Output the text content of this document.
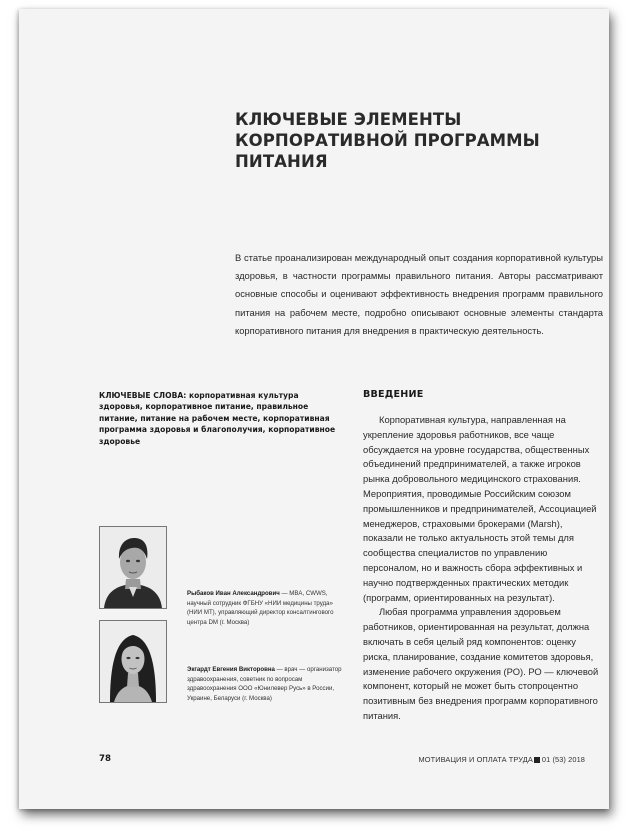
КЛЮЧЕВЫЕ ЭЛЕМЕНТЫ КОРПОРАТИВНОЙ ПРОГРАММЫ ПИТАНИЯ
В статье проанализирован международный опыт создания корпоративной культуры здоровья, в частности программы правильного питания. Авторы рассматривают основные способы и оценивают эффективность внедрения программ правильного питания на рабочем месте, подробно описывают основные элементы стандарта корпоративного питания для внедрения в практическую деятельность.
КЛЮЧЕВЫЕ СЛОВА: корпоративная культура здоровья, корпоративное питание, правильное питание, питание на рабочем месте, корпоративная программа здоровья и благополучия, корпоративное здоровье
ВВЕДЕНИЕ

Корпоративная культура, направленная на укрепление здоровья работников, все чаще обсуждается на уровне государства, общественных объединений предпринимателей, а также игроков рынка добровольного медицинского страхования. Мероприятия, проводимые Российским союзом промышленников и предпринимателей, Ассоциацией менеджеров, страховыми брокерами (Marsh), показали не только актуальность этой темы для сообщества специалистов по управлению персоналом, но и важность сбора эффективных и научно подтвержденных практических методик (программ, ориентированных на результат).

Любая программа управления здоровьем работников, ориентированная на результат, должна включать в себя целый ряд компонентов: оценку риска, планирование, создание комитетов здоровья, изменение рабочего окружения (РО). РО — ключевой компонент, который не может быть стопроцентно позитивным без внедрения программ корпоративного питания.

Рыбаков Иван Александрович — MBA, CWWS, научный сотрудник ФГБНУ «НИИ медицины труда» (НИИ МТ), управляющий директор консалтингового центра DM (г. Москва)
Экгардт Евгения Викторовна — врач — организатор здравоохранения, советник по вопросам здравоохранения ООО «Юнилевер Русь» в России, Украине, Беларуси (г. Москва)
78	МОТИВАЦИЯ И ОПЛАТА ТРУДА 01 (53) 2018
